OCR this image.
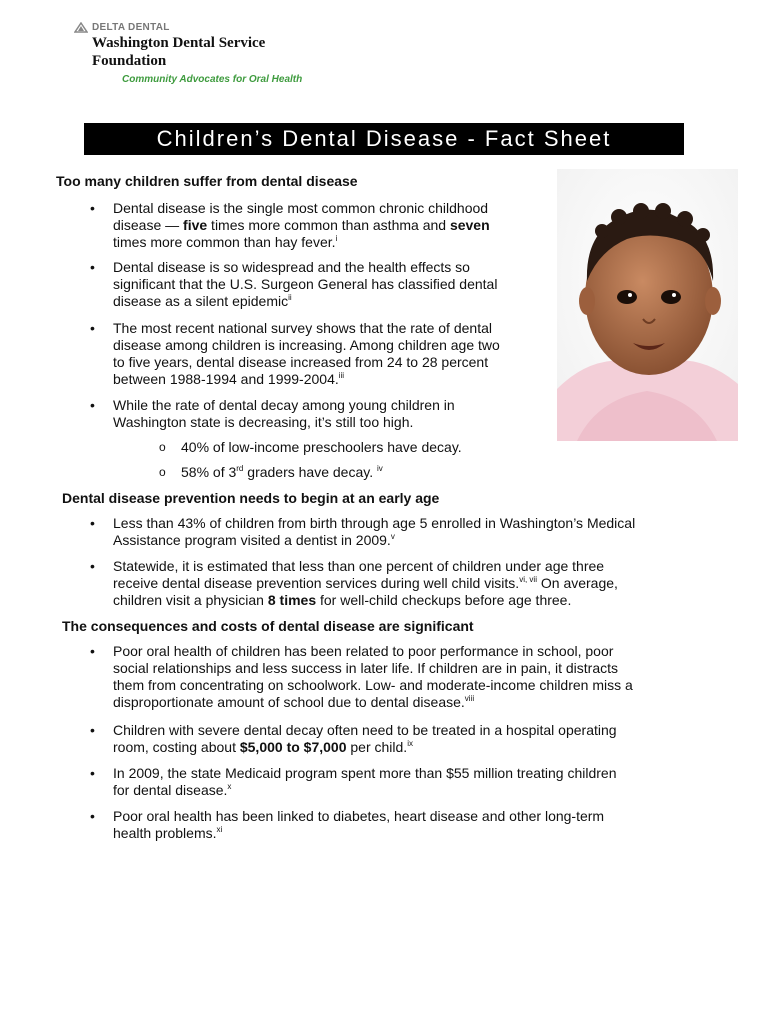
DELTA DENTAL
Washington Dental Service
Foundation
Community Advocates for Oral Health
Children’s Dental Disease - Fact Sheet
Too many children suffer from dental disease
• Dental disease is the single most common chronic childhood
disease — five times more common than asthma and seven
times more common than hay fever.$^i$
• Dental disease is so widespread and the health effects so
significant that the U.S. Surgeon General has classified dental
disease as a silent epidemic$^{ii}$
• The most recent national survey shows that the rate of dental
disease among children is increasing. Among children age two
to five years, dental disease increased from 24 to 28 percent
between 1988-1994 and 1999-2004.$^{iii}$
• While the rate of dental decay among young children in
Washington state is decreasing, it’s still too high.
o 40% of low-income preschoolers have decay.
o 58% of 3rd graders have decay. $^{iv}$
Dental disease prevention needs to begin at an early age
• Less than 43% of children from birth through age 5 enrolled in Washington’s Medical
Assistance program visited a dentist in 2009.$^v$
• Statewide, it is estimated that less than one percent of children under age three
receive dental disease prevention services during well child visits.$^{vi, vii}$ On average,
children visit a physician 8 times for well-child checkups before age three.
The consequences and costs of dental disease are significant
• Poor oral health of children has been related to poor performance in school, poor
social relationships and less success in later life. If children are in pain, it distracts
them from concentrating on schoolwork. Low- and moderate-income children miss a
disproportionate amount of school due to dental disease.$^{viii}$
• Children with severe dental decay often need to be treated in a hospital operating
room, costing about $5,000 to $7,000 per child.$^{ix}$
• In 2009, the state Medicaid program spent more than $55 million treating children
for dental disease.$^x$
• Poor oral health has been linked to diabetes, heart disease and other long-term
health problems.$^{xi}$
